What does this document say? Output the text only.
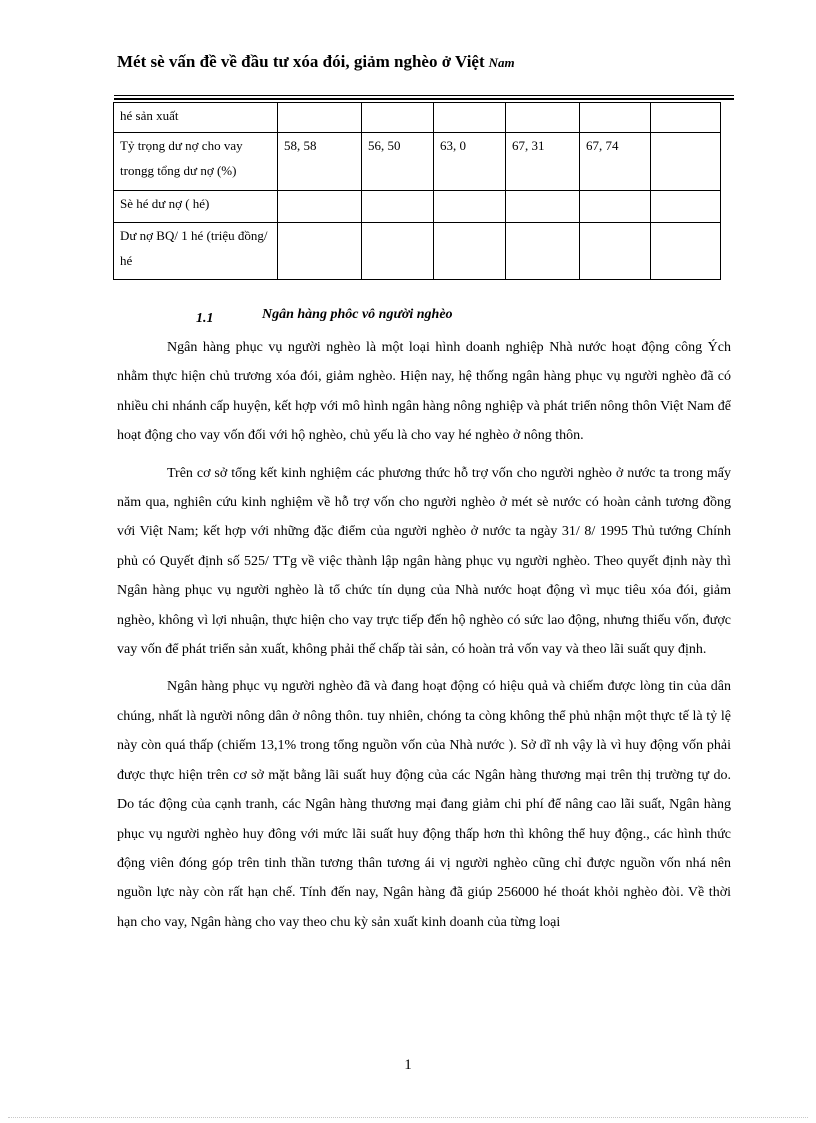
Mét sè vấn đề về đầu tư xóa đói, giảm nghèo ở Việt Nam
hé sản xuất						
Tỷ trọng dư nợ cho vay trongg tổng dư nợ (%)	58, 58	56, 50	63, 0	67, 31	67, 74	
Sè hé dư nợ ( hé)						
Dư nợ BQ/ 1 hé (triệu đồng/ hé						
1.1	Ngân hàng phôc vô người nghèo

Ngân hàng phục vụ người nghèo là một loại hình doanh nghiệp Nhà nước hoạt động công Ých nhằm thực hiện chủ trương xóa đói, giảm nghèo. Hiện nay, hệ thống ngân hàng phục vụ người nghèo đã có nhiều chi nhánh cấp huyện, kết hợp với mô hình ngân hàng nông nghiệp và phát triển nông thôn Việt Nam để hoạt động cho vay vốn đối với hộ nghèo, chủ yếu là cho vay hé nghèo ở nông thôn.

Trên cơ sở tổng kết kinh nghiệm các phương thức hỗ trợ vốn cho người nghèo ở nước ta trong mấy năm qua, nghiên cứu kinh nghiệm về hỗ trợ vốn cho người nghèo ở mét sè nước có hoàn cảnh tương đồng với Việt Nam; kết hợp với những đặc điểm của người nghèo ở nước ta ngày 31/ 8/ 1995 Thủ tướng Chính phủ có Quyết định số 525/ TTg về việc thành lập ngân hàng phục vụ người nghèo. Theo quyết định này thì Ngân hàng phục vụ người nghèo là tổ chức tín dụng của Nhà nước hoạt động vì mục tiêu xóa đói, giảm nghèo, không vì lợi nhuận, thực hiện cho vay trực tiếp đến hộ nghèo có sức lao động, nhưng thiếu vốn, được vay vốn để phát triển sản xuất, không phải thế chấp tài sản, có hoàn trả vốn vay và theo lãi suất quy định.

Ngân hàng phục vụ người nghèo đã và đang hoạt động có hiệu quả và chiếm được lòng tin của dân chúng, nhất là người nông dân ở nông thôn. tuy nhiên, chóng ta còng không thể phủ nhận một thực tế là tỷ lệ này còn quá thấp (chiếm 13,1% trong tổng nguồn vốn của Nhà nước ). Sở dĩ nh vậy là vì huy động vốn phải được thực hiện trên cơ sở mặt bằng lãi suất huy động của các Ngân hàng thương mại trên thị trường tự do. Do tác động của cạnh tranh, các Ngân hàng thương mại đang giảm chi phí để nâng cao lãi suất, Ngân hàng phục vụ người nghèo huy đông với mức lãi suất huy động thấp hơn thì không thể huy động., các hình thức động viên đóng góp trên tinh thần tương thân tương ái vị người nghèo cũng chỉ được nguồn vốn nhá nên nguồn lực này còn rất hạn chế. Tính đến nay, Ngân hàng đã giúp 256000 hé thoát khỏi nghèo đòi. Về thời hạn cho vay, Ngân hàng cho vay theo chu kỳ sản xuất kinh doanh của từng loại

1
